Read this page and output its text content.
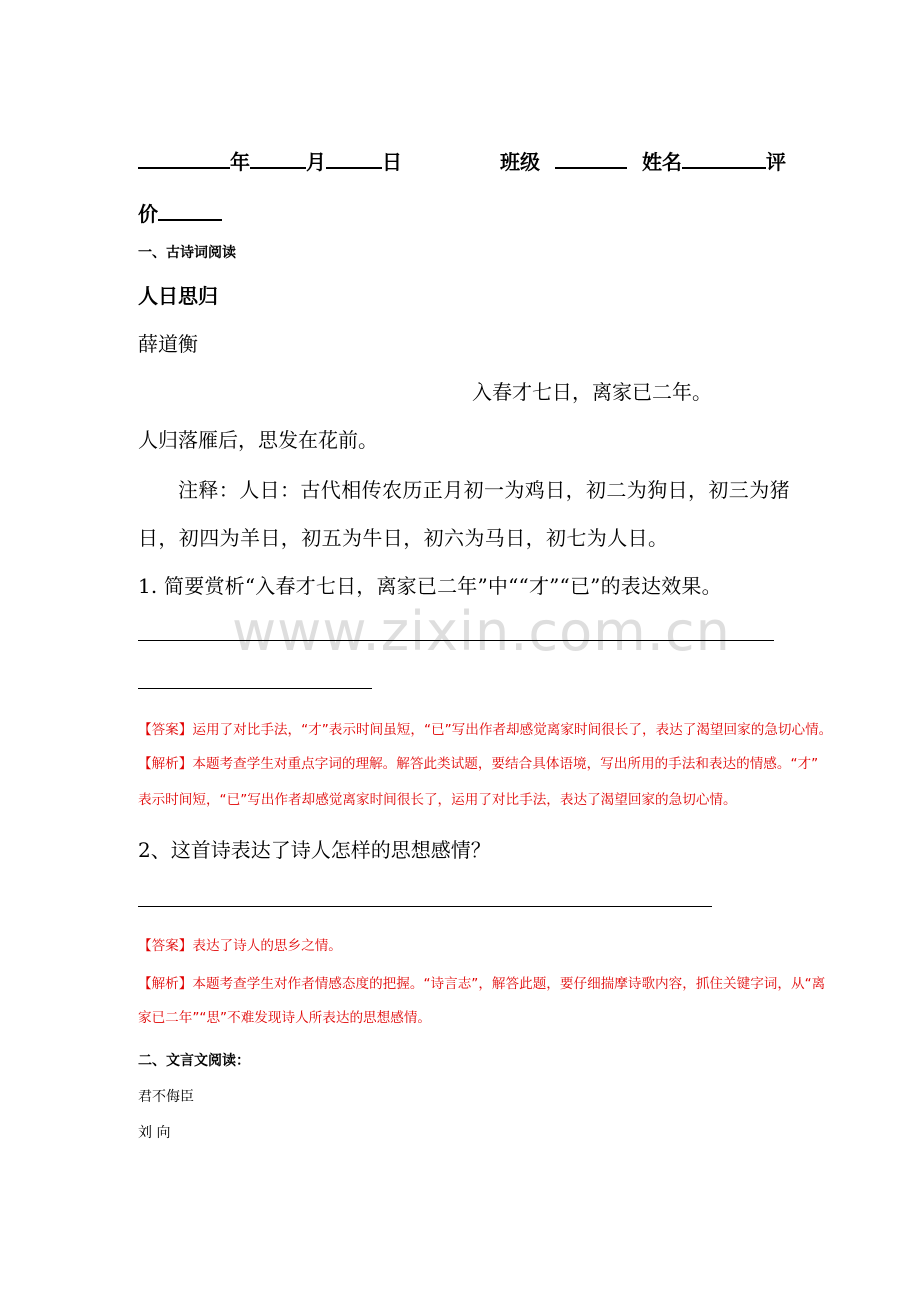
年	月	日	班级	姓名	评
价
一、古诗词阅读
人日思归
薛道衡
入春才七日，离家已二年。
人归落雁后，思发在花前。
注释：人日：古代相传农历正月初一为鸡日，初二为狗日，初三为猪
日，初四为羊日，初五为牛日，初六为马日，初七为人日。
1. 简要赏析“入春才七日，离家已二年”中““才”“已”的表达效果。
www.zixin.com.cn
【答案】运用了对比手法，“才”表示时间虽短，“已”写出作者却感觉离家时间很长了，表达了渴望回家的急切心情。
【解析】本题考查学生对重点字词的理解。解答此类试题，要结合具体语境，写出所用的手法和表达的情感。“才”
表示时间短，“已”写出作者却感觉离家时间很长了，运用了对比手法，表达了渴望回家的急切心情。
2、这首诗表达了诗人怎样的思想感情？
【答案】表达了诗人的思乡之情。
【解析】本题考查学生对作者情感态度的把握。“诗言志”，解答此题，要仔细揣摩诗歌内容，抓住关键字词，从“离
家已二年”“思”不难发现诗人所表达的思想感情。
二、文言文阅读：
君不侮臣
刘 向
